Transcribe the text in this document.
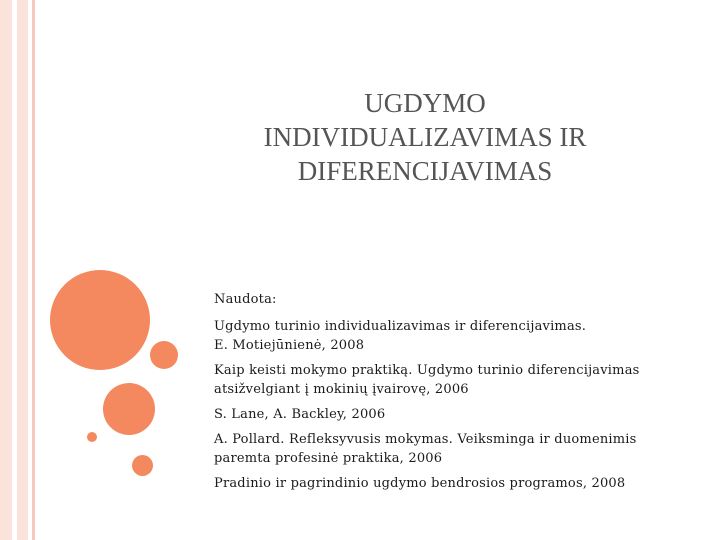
UGDYMO
INDIVIDUALIZAVIMAS IR
DIFERENCIJAVIMAS
Naudota:
Ugdymo turinio individualizavimas ir diferencijavimas.
E. Motiejūnienė, 2008
Kaip keisti mokymo praktiką. Ugdymo turinio diferencijavimas
atsižvelgiant į mokinių įvairovę, 2006
S. Lane, A. Backley, 2006
A. Pollard. Refleksyvusis mokymas. Veiksminga ir duomenimis
paremta profesinė praktika, 2006
Pradinio ir pagrindinio ugdymo bendrosios programos, 2008
